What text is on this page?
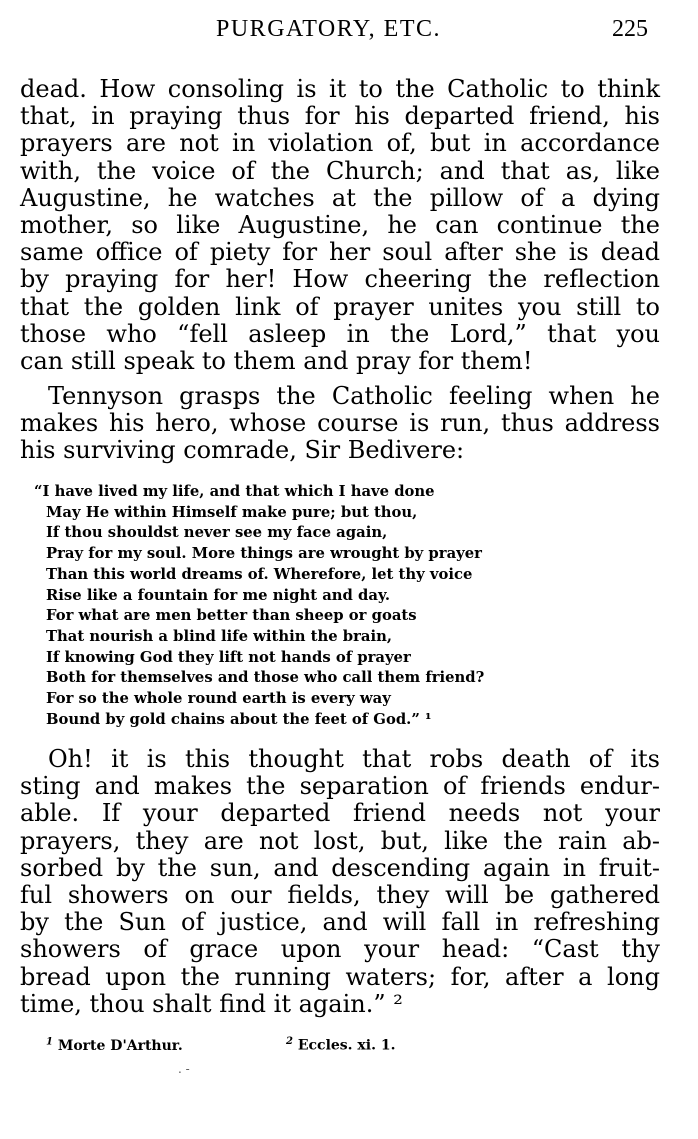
PURGATORY, ETC.	225
dead. How consoling is it to the Catholic to think
that, in praying thus for his departed friend, his
prayers are not in violation of, but in accordance
with, the voice of the Church; and that as, like
Augustine, he watches at the pillow of a dying
mother, so like Augustine, he can continue the
same office of piety for her soul after she is dead
by praying for her! How cheering the reflection
that the golden link of prayer unites you still to
those who “fell asleep in the Lord,” that you
can still speak to them and pray for them!
Tennyson grasps the Catholic feeling when he
makes his hero, whose course is run, thus address
his surviving comrade, Sir Bedivere:
“I have lived my life, and that which I have done
May He within Himself make pure; but thou,
If thou shouldst never see my face again,
Pray for my soul. More things are wrought by prayer
Than this world dreams of. Wherefore, let thy voice
Rise like a fountain for me night and day.
For what are men better than sheep or goats
That nourish a blind life within the brain,
If knowing God they lift not hands of prayer
Both for themselves and those who call them friend?
For so the whole round earth is every way
Bound by gold chains about the feet of God.” ¹
Oh! it is this thought that robs death of its
sting and makes the separation of friends endur-
able. If your departed friend needs not your
prayers, they are not lost, but, like the rain ab-
sorbed by the sun, and descending again in fruit-
ful showers on our fields, they will be gathered
by the Sun of justice, and will fall in refreshing
showers of grace upon your head: “Cast thy
bread upon the running waters; for, after a long
time, thou shalt find it again.” ²
$^1$ Morte D'Arthur.	$^2$ Eccles. xi. 1.
. -
